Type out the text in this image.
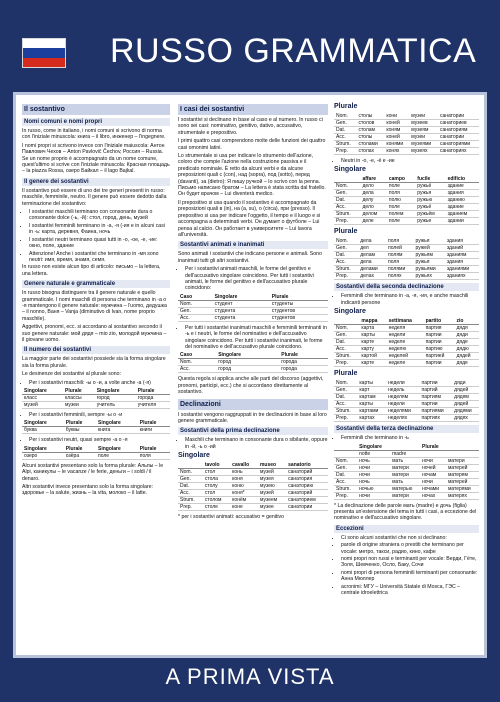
RUSSO GRAMMATICA
Il sostantivo
Nomi comuni e nomi propri

In russo, come in italiano, i nomi comuni si scrivono di norma con l'iniziale minuscola: книга – il libro, инженер – l'ingegnere.

I nomi propri si scrivono invece con l'iniziale maiuscola: Антон Павлович Чехов – Anton Pavlovič Čechov, Россия – Russia. Se un nome proprio è accompagnato da un nome comune, quest'ultimo si scrive con l'iniziale minuscola: Красная площадь – la piazza Rossa, озеро Байкал – il lago Bajkal.

Il genere dei sostantivi

Il sostantivo può essere di uno dei tre generi presenti in russo: maschile, femminile, neutro. Il genere può essere dedotto dalla terminazione del sostantivo:

• I sostantivi maschili terminano con consonante dura o consonante dolce (-ь, -й): стол, город, день, музей
• I sostantivi femminili terminano in -а, -я (-ия e in alcuni casi in -ь: карта, деревня, Фаина, ночь
• I sostantivi neutri terminano quasi tutti in -о, -ое, -е, -ие: окно, поле, здание
• Attenzione! Anche i sostantivi che terminano in -мя sono neutri: имя, время, знамя, семя.

In russo non esiste alcun tipo di articolo: письмо – la lettera, una lettera.

Genere naturale e grammaticale

In russo bisogna distinguere tra il genere naturale e quello grammaticale. I nomi maschili di persona che terminano in -а o -я mantengono il genere naturale: мужчина – l'uomo, дедушка – il nonno, Ваня – Vanja (diminutivo di Ivan, nome proprio maschile).

Aggettivi, pronomi, ecc. si accordano al sostantivo secondo il suo genere naturale: мой дядя – mio zio, молодой мужчина – il giovane uomo.

Il numero dei sostantivi

La maggior parte dei sostantivi possiede sia la forma singolare sia la forma plurale.

Le desinenze dei sostantivi al plurale sono:

• Per i sostantivi maschili: -ы o -и, a volte anche -а (-я)
Singolare	Plurale	Singolare	Plurale
класс	классы	город	города
музей	музеи	учитель	учителя
• Per i sostantivi femminili, sempre -ы o -и
Singolare	Plurale	Singolare	Plurale
буква	буквы	книга	книги
• Per i sostantivi neutri, quasi sempre -а o -я
Singolare	Plurale	Singolare	Plurale
озеро	озёра	поле	поля

Alcuni sostantivi presentano solo la forma plurale: Альпы – le Alpi, каникулы – le vacanze / le ferie, деньги – i soldi / il denaro.

Altri sostantivi invece presentano solo la forma singolare: здоровье – la salute, жизнь – la vita, молоко – il latte.

I casi dei sostantivi

I sostantivi si declinano in base al caso e al numero. In russo ci sono sei casi: nominativo, genitivo, dativo, accusativo, strumentale e prepositivo.

I primi quattro casi comprendono molte delle funzioni dei quattro casi omonimi latini.

Lo strumentale si usa per indicare lo strumento dell'azione, coloro che compie l'azione nella costruzione passiva e il predicato nominale. È retto da alcuni verbi e da alcune preposizioni quali с (con), над (sopra), под (sotto), перед (davanti), за (dietro): Я пишу ручкой – Io scrivo con la penna. Письмо написано братом – La lettera è stata scritta dal fratello. Он будет врачом – Lui diventerà medico.

Il prepositivo si usa quando il sostantivo è accompagnato da preposizioni quali в (in), на (a, su), о (circa), при (presso). Il prepositivo si usa per indicare l'oggetto, il tempo e il luogo e si accompagna a determinati verbi. Он думает о футболе – Lui pensa al calcio. Он работает в университете – Lui lavora all'università.

Sostantivi animati e inanimati

Sono animati i sostantivi che indicano persone e animali. Sono inanimati tutti gli altri sostantivi.

• Per i sostantivi animati maschili, le forme del genitivo e dell'accusativo singolare coincidono. Per tutti i sostantivi animati, le forme del genitivo e dell'accusativo plurale coincidono:
Caso	Singolare	Plurale
Nom.	студент	студенты
Gen.	студента	студентов
Acc.	студента	студентов
• Per tutti i sostantivi inanimati maschili e femminili terminanti in -ь e i neutri, le forme del nominativo e dell'accusativo singolare coincidono. Per tutti i sostantivi inanimati, le forme del nominativo e dell'accusativo plurale coincidono.
Caso	Singolare	Plurale
Nom.	город	города
Acc.	город	города

Questa regola si applica anche alle parti del discorso (aggettivi, pronomi, participi, ecc.) che si accordano direttamente al sostantivo.

Declinazioni

I sostantivi vengono raggruppati in tre declinazioni in base al loro genere grammaticale.

Sostantivi della prima declinazione
• Maschili che terminano in consonante dura o sibilante, oppure in -й, -ь o -ий
Singolare
	tavolo	cavallo	museo	sanatorio
Nom.	стол	конь	музей	санаторий
Gen.	стола	коня	музея	санатория
Dat.	столу	коню	музею	санаторию
Acc.	стол	коня*	музей	санаторий
Strum.	столом	конём	музеем	санаторием
Prep.	столе	коне	музее	санатории

* per i sostantivi animati: accusativo = genitivo

Plurale
Nom.	столы	кони	музеи	санатории
Gen.	столов	коней	музеев	санаториев
Dat.	столам	коням	музеям	санаториям
Acc.	столы	коней	музеи	санатории
Strum.	столами	конями	музеями	санаториями
Prep.	столах	конях	музеях	санаториях
• Neutri in -о, -е, -ё e -ие
Singolare
	affare	campo	fucile	edificio
Nom.	дело	поле	ружьё	здание
Gen.	дела	поля	ружья	здания
Dat.	делу	полю	ружью	зданию
Acc.	дело	поле	ружьё	здание
Strum.	делом	полем	ружьём	зданием
Prep.	деле	поле	ружье	здании
Plurale
Nom.	дела	поля	ружья	здания
Gen.	дел	полей	ружей	зданий
Dat.	делам	полям	ружьям	зданиям
Acc.	дела	поля	ружья	здания
Strum.	делами	полями	ружьями	зданиями
Prep.	делах	полях	ружьях	зданиях
Sostantivi della seconda declinazione
• Femminili che terminano in -а, -я, -ия, e anche maschili indicanti persone
Singolare
	mappa	settimana	partito	zio
Nom.	карта	неделя	партия	дядя
Gen.	карты	недели	партии	дяди
Dat.	карте	неделе	партии	дяде
Acc.	карту	неделю	партию	дядю
Strum.	картой	неделей	партией	дядей
Prep.	карте	неделе	партии	дяде
Plurale
Nom.	карты	недели	партии	дяди
Gen.	карт	недель	партий	дядей
Dat.	картам	неделям	партиям	дядям
Acc.	карты	недели	партии	дядей
Strum.	картами	неделями	партиями	дядями
Prep.	картах	неделях	партиях	дядях
Sostantivi della terza declinazione
• Femminili che terminano in -ь
	Singolare		Plurale	
	notte	madre		
Nom.	ночь	мать	ночи	матери
Gen.	ночи	матери	ночей	матерей
Dat.	ночи	матери	ночам	матерям
Acc.	ночь	мать	ночи	матерей
Strum.	ночью	матерью	ночами	матерями
Prep.	ночи	матери	ночах	матерях

* La declinazione delle parole мать (madre) e дочь (figlia) presenta un'estensione del tema in tutti i casi, a eccezione del nominativo e dell'accusativo singolare.

Eccezioni
• Ci sono alcuni sostantivi che non si declinano:
• parole di origine straniera o prestiti che terminano per vocale: метро, такси, радио, кино, кафе
• nomi propri non russi e terminanti per vocale: Верди, Гёте, Золя, Шевченко, Осло, Баку, Сочи
• nomi propri di persona femminili terminanti per consonante: Анна Мюллер
• acronimi: МГУ – Università Statale di Mosca, ГЭС – centrale idroelettrica
A PRIMA VISTA
